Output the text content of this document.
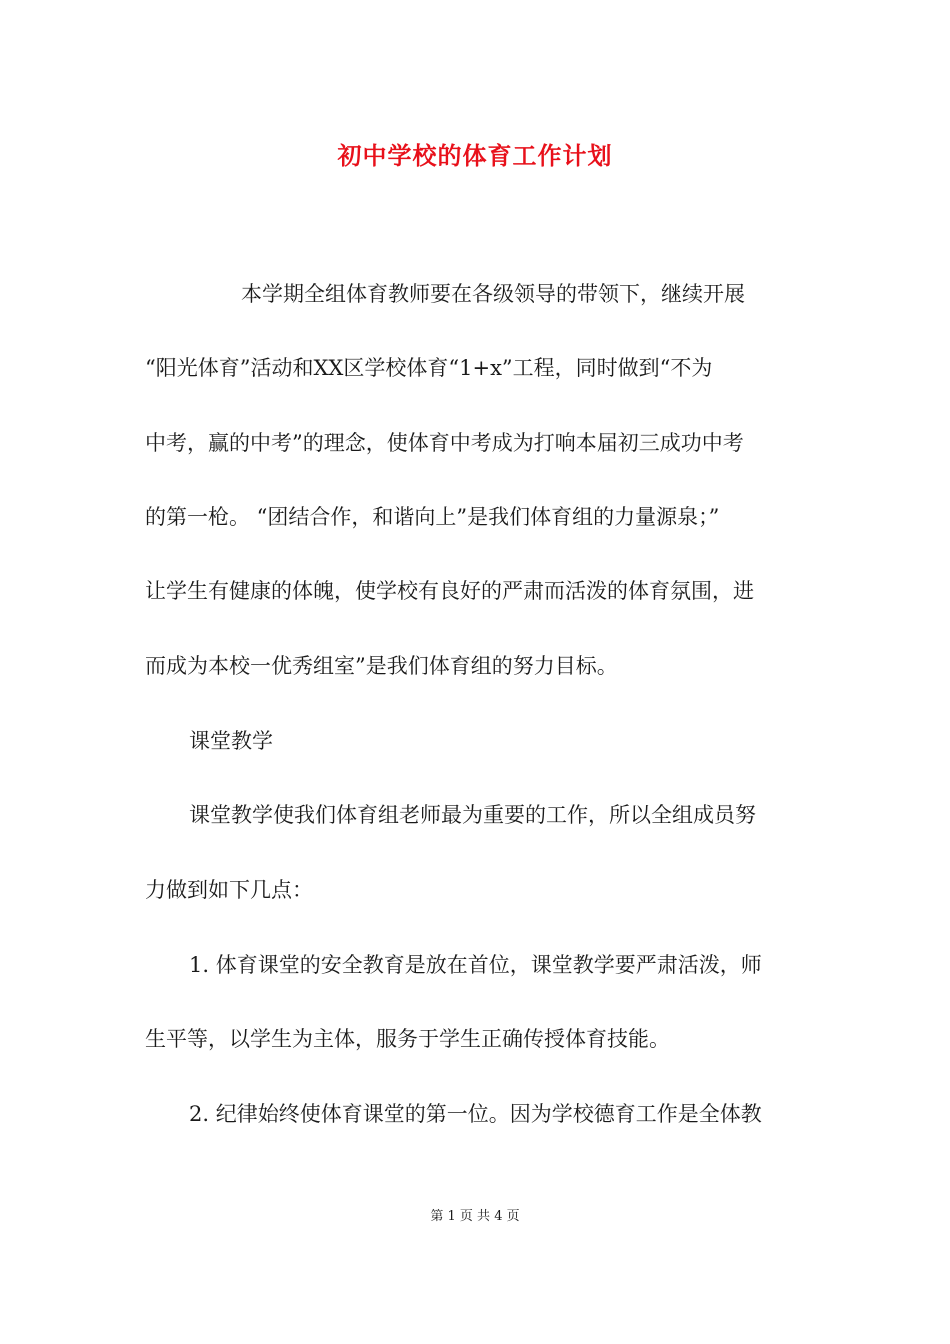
初中学校的体育工作计划
本学期全组体育教师要在各级领导的带领下，继续开展
“阳光体育”活动和XX区学校体育“1+x”工程，同时做到“不为
中考，赢的中考”的理念，使体育中考成为打响本届初三成功中考
的第一枪。 “团结合作，和谐向上”是我们体育组的力量源泉；”
让学生有健康的体魄，使学校有良好的严肃而活泼的体育氛围，进
而成为本校一优秀组室”是我们体育组的努力目标。
课堂教学
课堂教学使我们体育组老师最为重要的工作，所以全组成员努
力做到如下几点：
1. 体育课堂的安全教育是放在首位，课堂教学要严肃活泼，师
生平等，以学生为主体，服务于学生正确传授体育技能。
2. 纪律始终使体育课堂的第一位。因为学校德育工作是全体教
第 1 页 共 4 页
